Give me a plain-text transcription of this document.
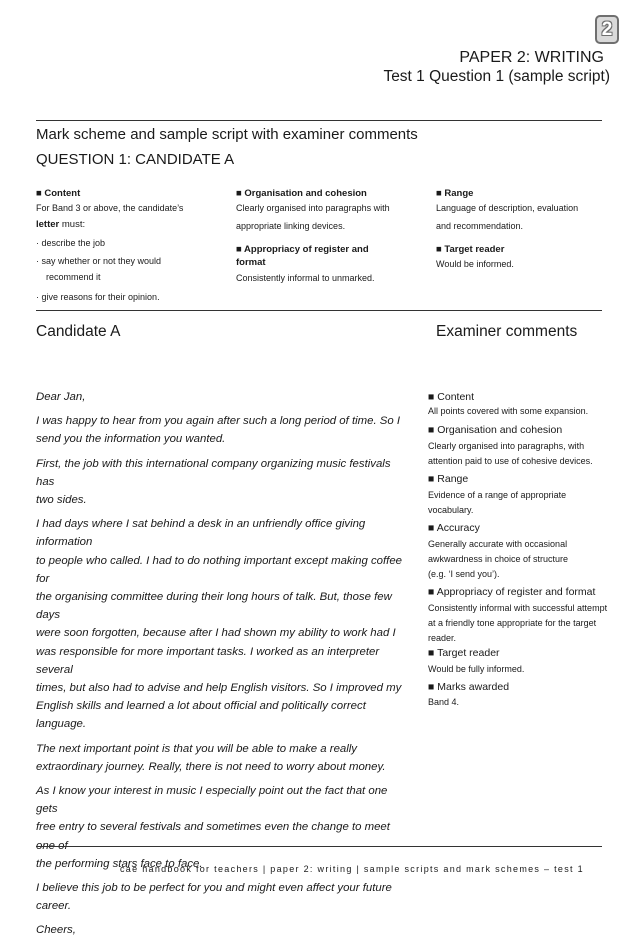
2
PAPER 2: WRITING
Test 1 Question 1 (sample script)
Mark scheme and sample script with examiner comments
QUESTION 1: CANDIDATE A
■ Content
For Band 3 or above, the candidate’s
letter must:
· describe the job
· say whether or not they would
recommend it
· give reasons for their opinion.
■ Organisation and cohesion
Clearly organised into paragraphs with
appropriate linking devices.
■ Appropriacy of register and
format
Consistently informal to unmarked.
■ Range
Language of description, evaluation
and recommendation.
■ Target reader
Would be informed.
Candidate A	Examiner comments

Dear Jan,

I was happy to hear from you again after such a long period of time. So I
send you the information you wanted.

First, the job with this international company organizing music festivals has
two sides.

I had days where I sat behind a desk in an unfriendly office giving information
to people who called. I had to do nothing important except making coffee for
the organising committee during their long hours of talk. But, those few days
were soon forgotten, because after I had shown my ability to work had I
was responsible for more important tasks. I worked as an interpreter several
times, but also had to advise and help English visitors. So I improved my
English skills and learned a lot about official and politically correct language.

The next important point is that you will be able to make a really
extraordinary journey. Really, there is not need to worry about money.

As I know your interest in music I especially point out the fact that one gets
free entry to several festivals and sometimes even the change to meet one of
the performing stars face to face.

I believe this job to be perfect for you and might even affect your future
career.

Cheers,

■ Content
All points covered with some expansion.
■ Organisation and cohesion
Clearly organised into paragraphs, with
attention paid to use of cohesive devices.
■ Range
Evidence of a range of appropriate
vocabulary.
■ Accuracy
Generally accurate with occasional
awkwardness in choice of structure
(e.g. ‘I send you’).
■ Appropriacy of register and format
Consistently informal with successful attempt
at a friendly tone appropriate for the target
reader.
■ Target reader
Would be fully informed.
■ Marks awarded
Band 4.
cae handbook for teachers | paper 2: writing | sample scripts and mark schemes – test 1
